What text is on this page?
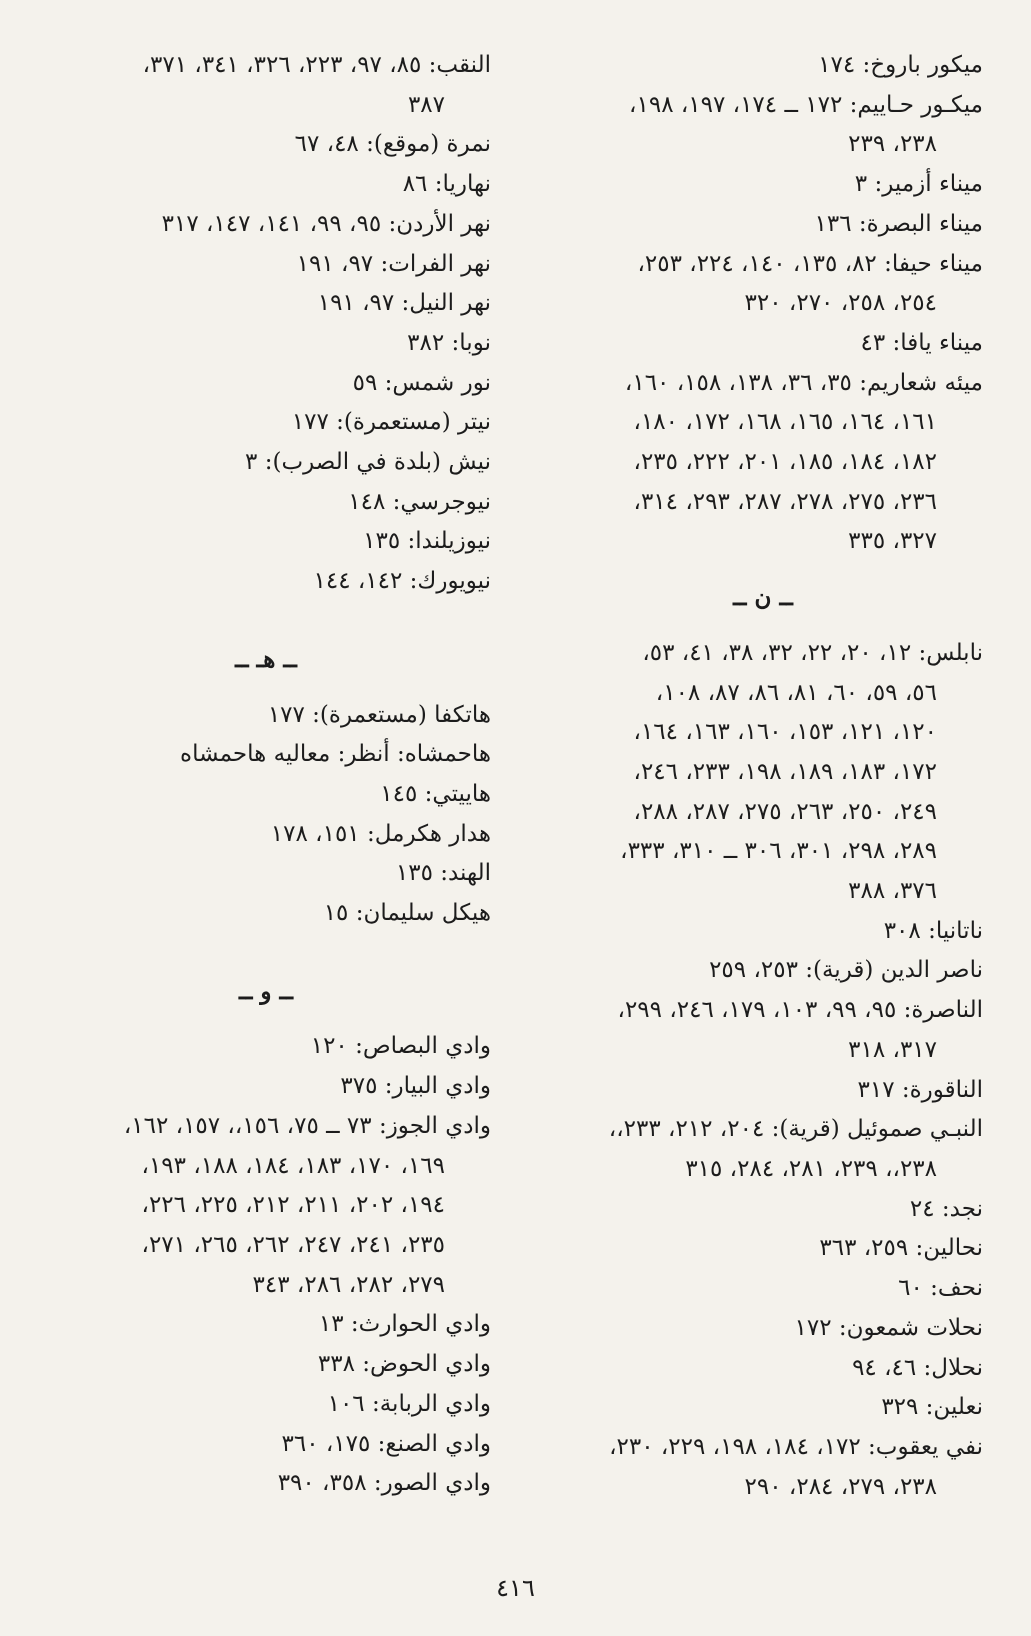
ميكور باروخ: ١٧٤
ميكـور حـاييم: ١٧٢ ــ ١٧٤، ١٩٧، ١٩٨،
٢٣٨، ٢٣٩
ميناء أزمير: ٣
ميناء البصرة: ١٣٦
ميناء حيفا: ٨٢، ١٣٥، ١٤٠، ٢٢٤، ٢٥٣،
٢٥٤، ٢٥٨، ٢٧٠، ٣٢٠
ميناء يافا: ٤٣
ميئه شعاريم: ٣٥، ٣٦، ١٣٨، ١٥٨، ١٦٠،
١٦١، ١٦٤، ١٦٥، ١٦٨، ١٧٢، ١٨٠،
١٨٢، ١٨٤، ١٨٥، ٢٠١، ٢٢٢، ٢٣٥،
٢٣٦، ٢٧٥، ٢٧٨، ٢٨٧، ٢٩٣، ٣١٤،
٣٢٧، ٣٣٥
ــ ن ــ
نابلس: ١٢، ٢٠، ٢٢، ٣٢، ٣٨، ٤١، ٥٣،
٥٦، ٥٩، ٦٠، ٨١، ٨٦، ٨٧، ١٠٨،
١٢٠، ١٢١، ١٥٣، ١٦٠، ١٦٣، ١٦٤،
١٧٢، ١٨٣، ١٨٩، ١٩٨، ٢٣٣، ٢٤٦،
٢٤٩، ٢٥٠، ٢٦٣، ٢٧٥، ٢٨٧، ٢٨٨،
٢٨٩، ٢٩٨، ٣٠١، ٣٠٦ ــ ٣١٠، ٣٣٣،
٣٧٦، ٣٨٨
ناتانيا: ٣٠٨
ناصر الدين (قرية): ٢٥٣، ٢٥٩
الناصرة: ٩٥، ٩٩، ١٠٣، ١٧٩، ٢٤٦، ٢٩٩،
٣١٧، ٣١٨
الناقورة: ٣١٧
النبـي صموئيل (قرية): ٢٠٤، ٢١٢، ٢٣٣،،
٢٣٨،، ٢٣٩، ٢٨١، ٢٨٤، ٣١٥
نجد: ٢٤
نحالين: ٢٥٩، ٣٦٣
نحف: ٦٠
نحلات شمعون: ١٧٢
نحلال: ٤٦، ٩٤
نعلين: ٣٢٩
نفي يعقوب: ١٧٢، ١٨٤، ١٩٨، ٢٢٩، ٢٣٠،
٢٣٨، ٢٧٩، ٢٨٤، ٢٩٠
النقب: ٨٥، ٩٧، ٢٢٣، ٣٢٦، ٣٤١، ٣٧١،
٣٨٧
نمرة (موقع): ٤٨، ٦٧
نهاريا: ٨٦
نهر الأردن: ٩٥، ٩٩، ١٤١، ١٤٧، ٣١٧
نهر الفرات: ٩٧، ١٩١
نهر النيل: ٩٧، ١٩١
نوبا: ٣٨٢
نور شمس: ٥٩
نيتر (مستعمرة): ١٧٧
نيش (بلدة في الصرب): ٣
نيوجرسي: ١٤٨
نيوزيلندا: ١٣٥
نيويورك: ١٤٢، ١٤٤
ــ هـ ــ
هاتكفا (مستعمرة): ١٧٧
هاحمشاه: أنظر: معاليه هاحمشاه
هاييتي: ١٤٥
هدار هكرمل: ١٥١، ١٧٨
الهند: ١٣٥
هيكل سليمان: ١٥
ــ و ــ
وادي البصاص: ١٢٠
وادي البيار: ٣٧٥
وادي الجوز: ٧٣ ــ ٧٥، ١٥٦،، ١٥٧، ١٦٢،
١٦٩، ١٧٠، ١٨٣، ١٨٤، ١٨٨، ١٩٣،
١٩٤، ٢٠٢، ٢١١، ٢١٢، ٢٢٥، ٢٢٦،
٢٣٥، ٢٤١، ٢٤٧، ٢٦٢، ٢٦٥، ٢٧١،
٢٧٩، ٢٨٢، ٢٨٦، ٣٤٣
وادي الحوارث: ١٣
وادي الحوض: ٣٣٨
وادي الربابة: ١٠٦
وادي الصنع: ١٧٥، ٣٦٠
وادي الصور: ٣٥٨، ٣٩٠
٤١٦
